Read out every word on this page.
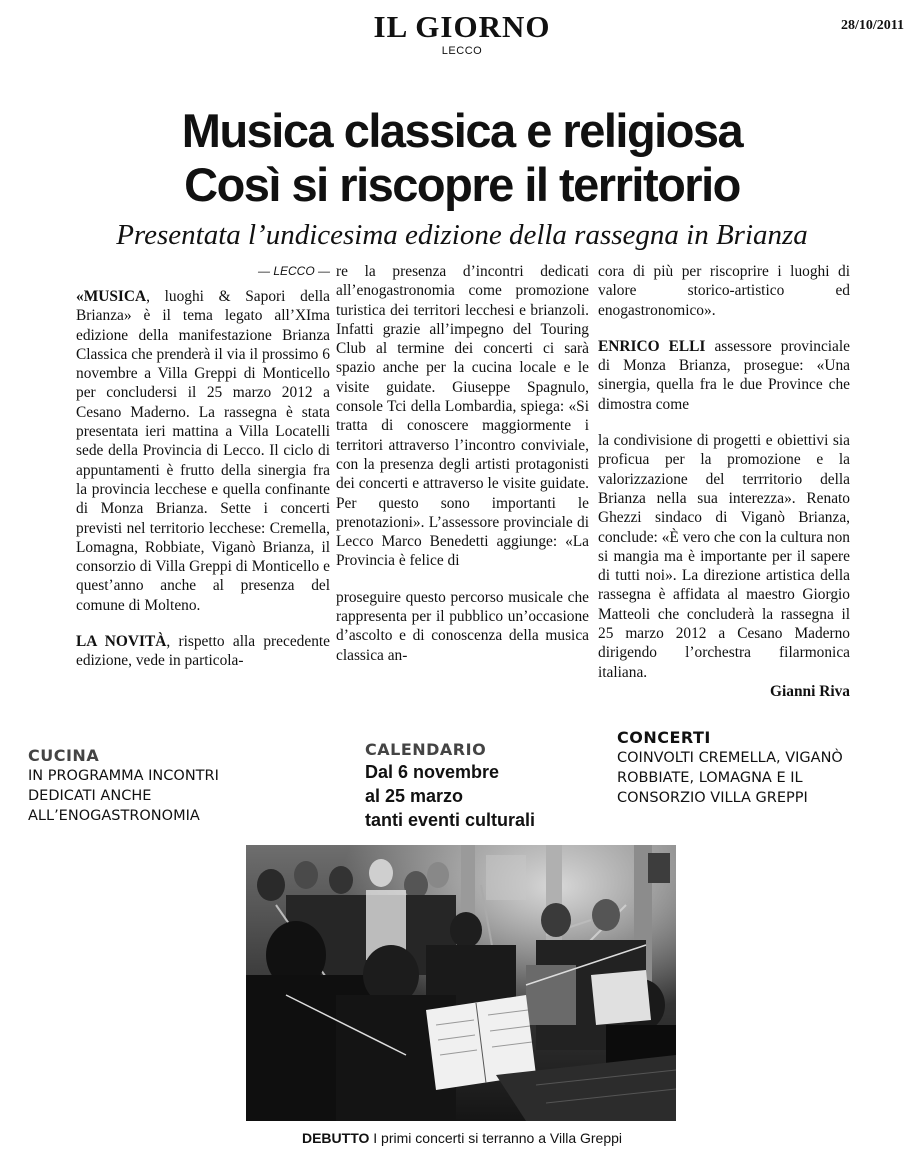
IL GIORNO
LECCO
28/10/2011
Musica classica e religiosa
Così si riscopre il territorio
Presentata l’undicesima edizione della rassegna in Brianza

— LECCO —

«MUSICA, luoghi & Sapori della Brianza» è il tema legato all’XIma edizione della manifestazione Brianza Classica che prenderà il via il prossimo 6 novembre a Villa Greppi di Monticello per concludersi il 25 marzo 2012 a Cesano Maderno. La rassegna è stata presentata ieri mattina a Villa Locatelli sede della Provincia di Lecco. Il ciclo di appuntamenti è frutto della sinergia fra la provincia lecchese e quella confinante di Monza Brianza. Sette i concerti previsti nel territorio lecchese: Cremella, Lomagna, Robbiate, Viganò Brianza, il consorzio di Villa Greppi di Monticello e quest’anno anche al presenza del comune di Molteno.

LA NOVITÀ, rispetto alla precedente edizione, vede in particola-

re la presenza d’incontri dedicati all’enogastronomia come promozione turistica dei territori lecchesi e brianzoli. Infatti grazie all’impegno del Touring Club al termine dei concerti ci sarà spazio anche per la cucina locale e le visite guidate. Giuseppe Spagnulo, console Tci della Lombardia, spiega: «Si tratta di conoscere maggiormente i territori attraverso l’incontro conviviale, con la presenza degli artisti protagonisti dei concerti e attraverso le visite guidate. Per questo sono importanti le prenotazioni». L’assessore provinciale di Lecco Marco Benedetti aggiunge: «La Provincia è felice di

proseguire questo percorso musicale che rappresenta per il pubblico un’occasione d’ascolto e di conoscenza della musica classica an-

cora di più per riscoprire i luoghi di valore storico-artistico ed enogastronomico».

ENRICO ELLI assessore provinciale di Monza Brianza, prosegue: «Una sinergia, quella fra le due Province che dimostra come

la condivisione di progetti e obiettivi sia proficua per la promozione e la valorizzazione del terrritorio della Brianza nella sua interezza». Renato Ghezzi sindaco di Viganò Brianza, conclude: «È vero che con la cultura non si mangia ma è importante per il sapere di tutti noi». La direzione artistica della rassegna è affidata al maestro Giorgio Matteoli che concluderà la rassegna il 25 marzo 2012 a Cesano Maderno dirigendo l’orchestra filarmonica italiana.

Gianni Riva

CUCINA
IN PROGRAMMA INCONTRI DEDICATI ANCHE ALL’ENOGASTRONOMIA
CALENDARIO
Dal 6 novembre
al 25 marzo
tanti eventi culturali
CONCERTI
COINVOLTI CREMELLA, VIGANÒ ROBBIATE, LOMAGNA E IL CONSORZIO VILLA GREPPI
DEBUTTO I primi concerti si terranno a Villa Greppi
